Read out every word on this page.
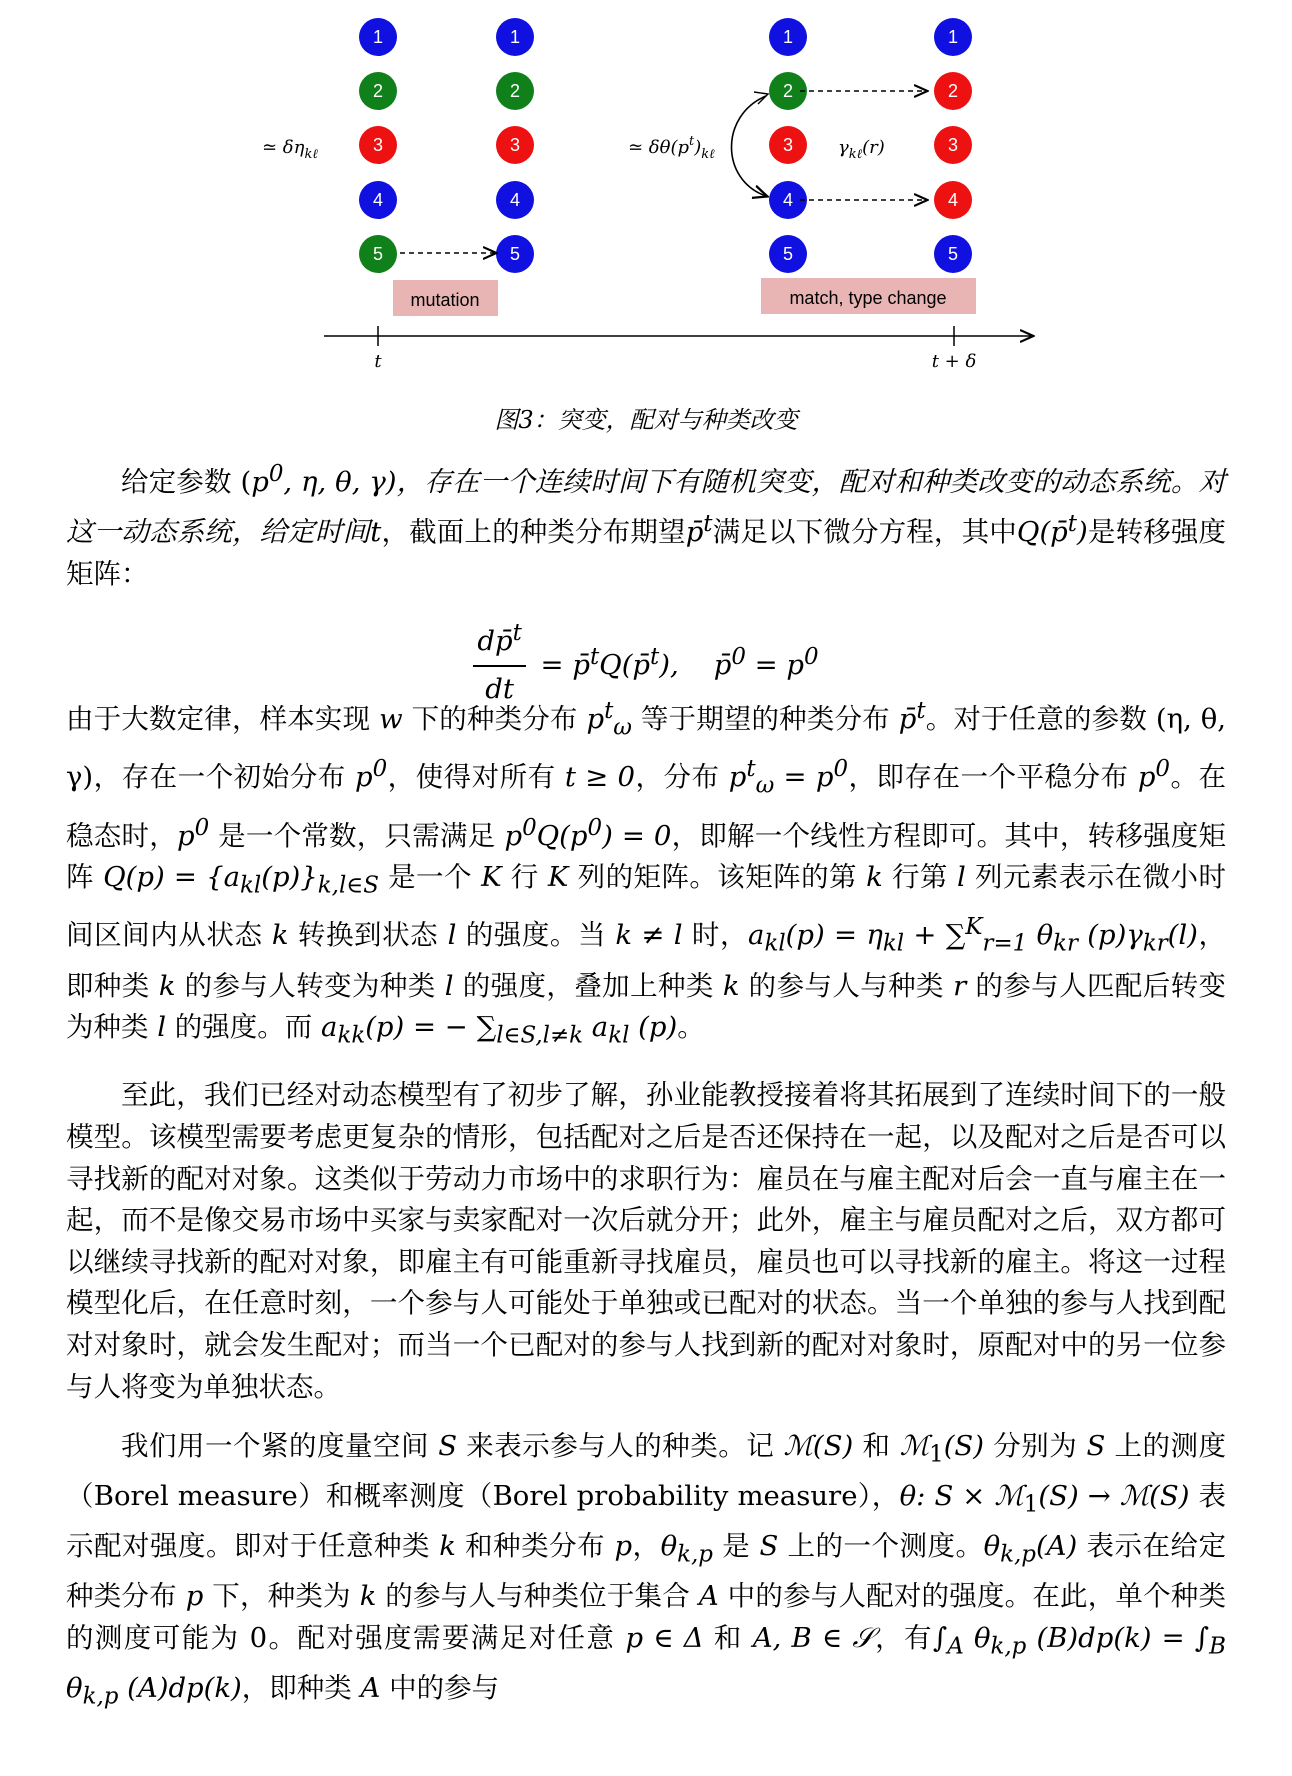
1
2
3
4
5
1
2
3
4
5
1
2
3
4
5
1
2
3
4
5
≃ $\delta\eta_{k\ell}$	≃ $\delta\theta(p^t)_{k\ell}$	$\gamma_{k\ell}(r)$
mutation	match, type change
t	t + δ
图3：突变，配对与种类改变

给定参数 ($p^0$, η, θ, γ)，存在一个连续时间下有随机突变，配对和种类改变的动态系统。对这一动态系统，给定时间t，截面上的种类分布期望p̄$^t$满足以下微分方程，其中Q(p̄$^t$)是转移强度矩阵：

$\frac{dp̄^t}{dt}$ = p̄$^t$Q(p̄$^t$), p̄$^0$ = $p^0$

由于大数定律，样本实现 w 下的种类分布 $p^t_\omega$ 等于期望的种类分布 p̄$^t$。对于任意的参数 (η, θ, γ)，存在一个初始分布 $p^0$，使得对所有 t ≥ 0，分布 $p^t_\omega = p^0$，即存在一个平稳分布 $p^0$。在稳态时，$p^0$ 是一个常数，只需满足 $p^0Q(p^0) = 0$，即解一个线性方程即可。其中，转移强度矩阵 $Q(p) = \{a_{kl}(p)\}_{k,l\in S}$ 是一个 K 行 K 列的矩阵。该矩阵的第 k 行第 l 列元素表示在微小时间区间内从状态 k 转换到状态 l 的强度。当 k ≠ l 时，$a_{kl}(p) = \eta_{kl} + \sum^K_{r=1}$ $\theta_{kr}$ $(p)\gamma_{kr}(l)$，即种类 k 的参与人转变为种类 l 的强度，叠加上种类 k 的参与人与种类 r 的参与人匹配后转变为种类 l 的强度。而 $a_{kk}(p)$ = − $\sum_{l\in S,l\ne k}$ $a_{kl}$ (p)。

至此，我们已经对动态模型有了初步了解，孙业能教授接着将其拓展到了连续时间下的一般模型。该模型需要考虑更复杂的情形，包括配对之后是否还保持在一起，以及配对之后是否可以寻找新的配对对象。这类似于劳动力市场中的求职行为：雇员在与雇主配对后会一直与雇主在一起，而不是像交易市场中买家与卖家配对一次后就分开；此外，雇主与雇员配对之后，双方都可以继续寻找新的配对对象，即雇主有可能重新寻找雇员，雇员也可以寻找新的雇主。将这一过程模型化后，在任意时刻，一个参与人可能处于单独或已配对的状态。当一个单独的参与人找到配对对象时，就会发生配对；而当一个已配对的参与人找到新的配对对象时，原配对中的另一位参与人将变为单独状态。

我们用一个紧的度量空间 S 来表示参与人的种类。记 ℳ(S) 和 ℳ$_1$(S) 分别为 S 上的测度（Borel measure）和概率测度（Borel probability measure），θ: S × ℳ$_1$(S) → ℳ(S) 表示配对强度。即对于任意种类 k 和种类分布 p，$\theta_{k,p}$ 是 S 上的一个测度。$\theta_{k,p}(A)$ 表示在给定种类分布 p 下，种类为 k 的参与人与种类位于集合 A 中的参与人配对的强度。在此，单个种类的测度可能为 0。配对强度需要满足对任意 p ∈ Δ 和 A, B ∈ 𝒮，有$\int_A$ $\theta_{k,p}$ $(B)dp(k) = \int_B$ $\theta_{k,p}$ (A)dp(k)，即种类 A 中的参与
